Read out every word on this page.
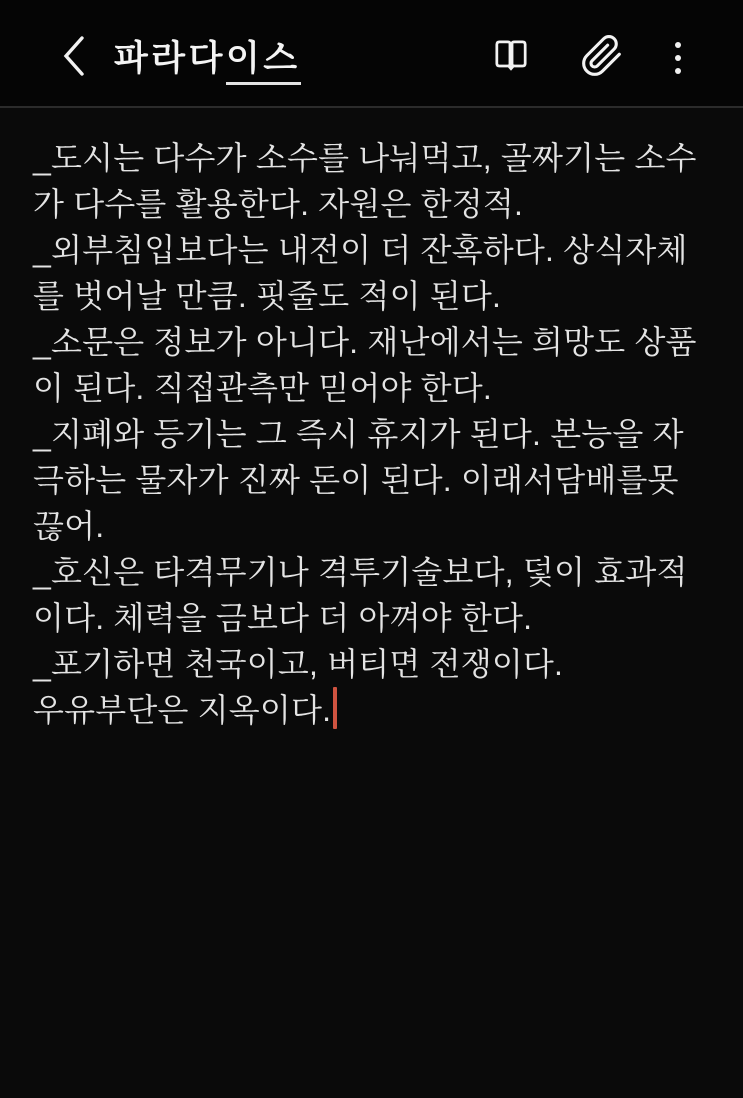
파라다 이스
_도시는 다수가 소수를 나눠먹고, 골짜기는 소수
가 다수를 활용한다. 자원은 한정적.
_외부침입보다는 내전이 더 잔혹하다. 상식자체
를 벗어날 만큼. 핏줄도 적이 된다.
_소문은 정보가 아니다. 재난에서는 희망도 상품
이 된다. 직접관측만 믿어야 한다.
_지폐와 등기는 그 즉시 휴지가 된다. 본능을 자
극하는 물자가 진짜 돈이 된다. 이래서담배를못
끊어.
_호신은 타격무기나 격투기술보다, 덫이 효과적
이다. 체력을 금보다 더 아껴야 한다.
_포기하면 천국이고, 버티면 전쟁이다.
우유부단은 지옥이다.
